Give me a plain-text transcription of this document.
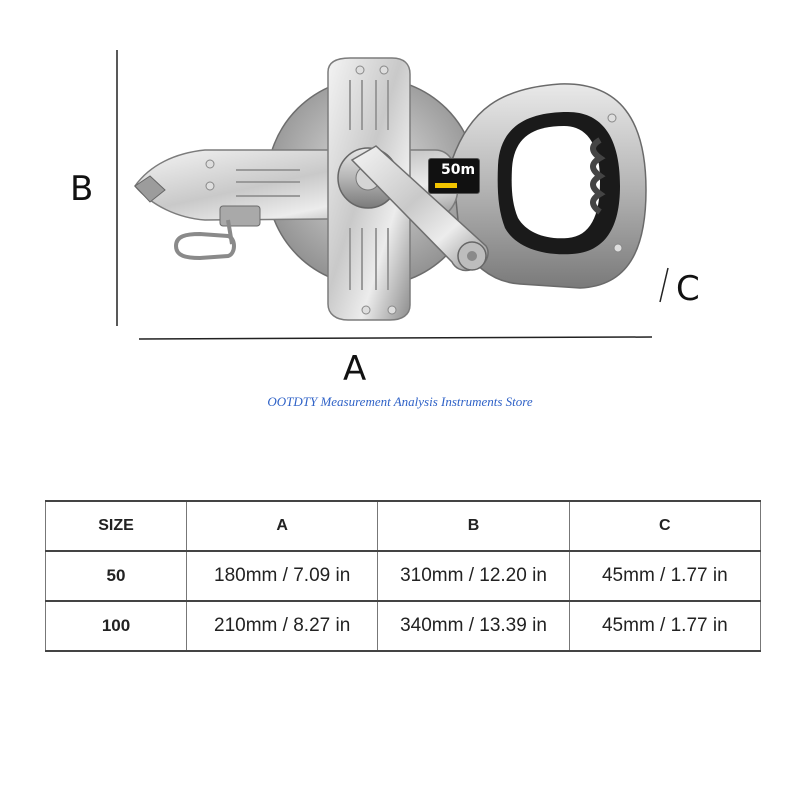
50m
B
A
C
OOTDTY Measurement Analysis Instruments Store
SIZE	A	B	C
50	180mm / 7.09 in	310mm / 12.20 in	45mm / 1.77 in
100	210mm / 8.27 in	340mm / 13.39 in	45mm / 1.77 in
